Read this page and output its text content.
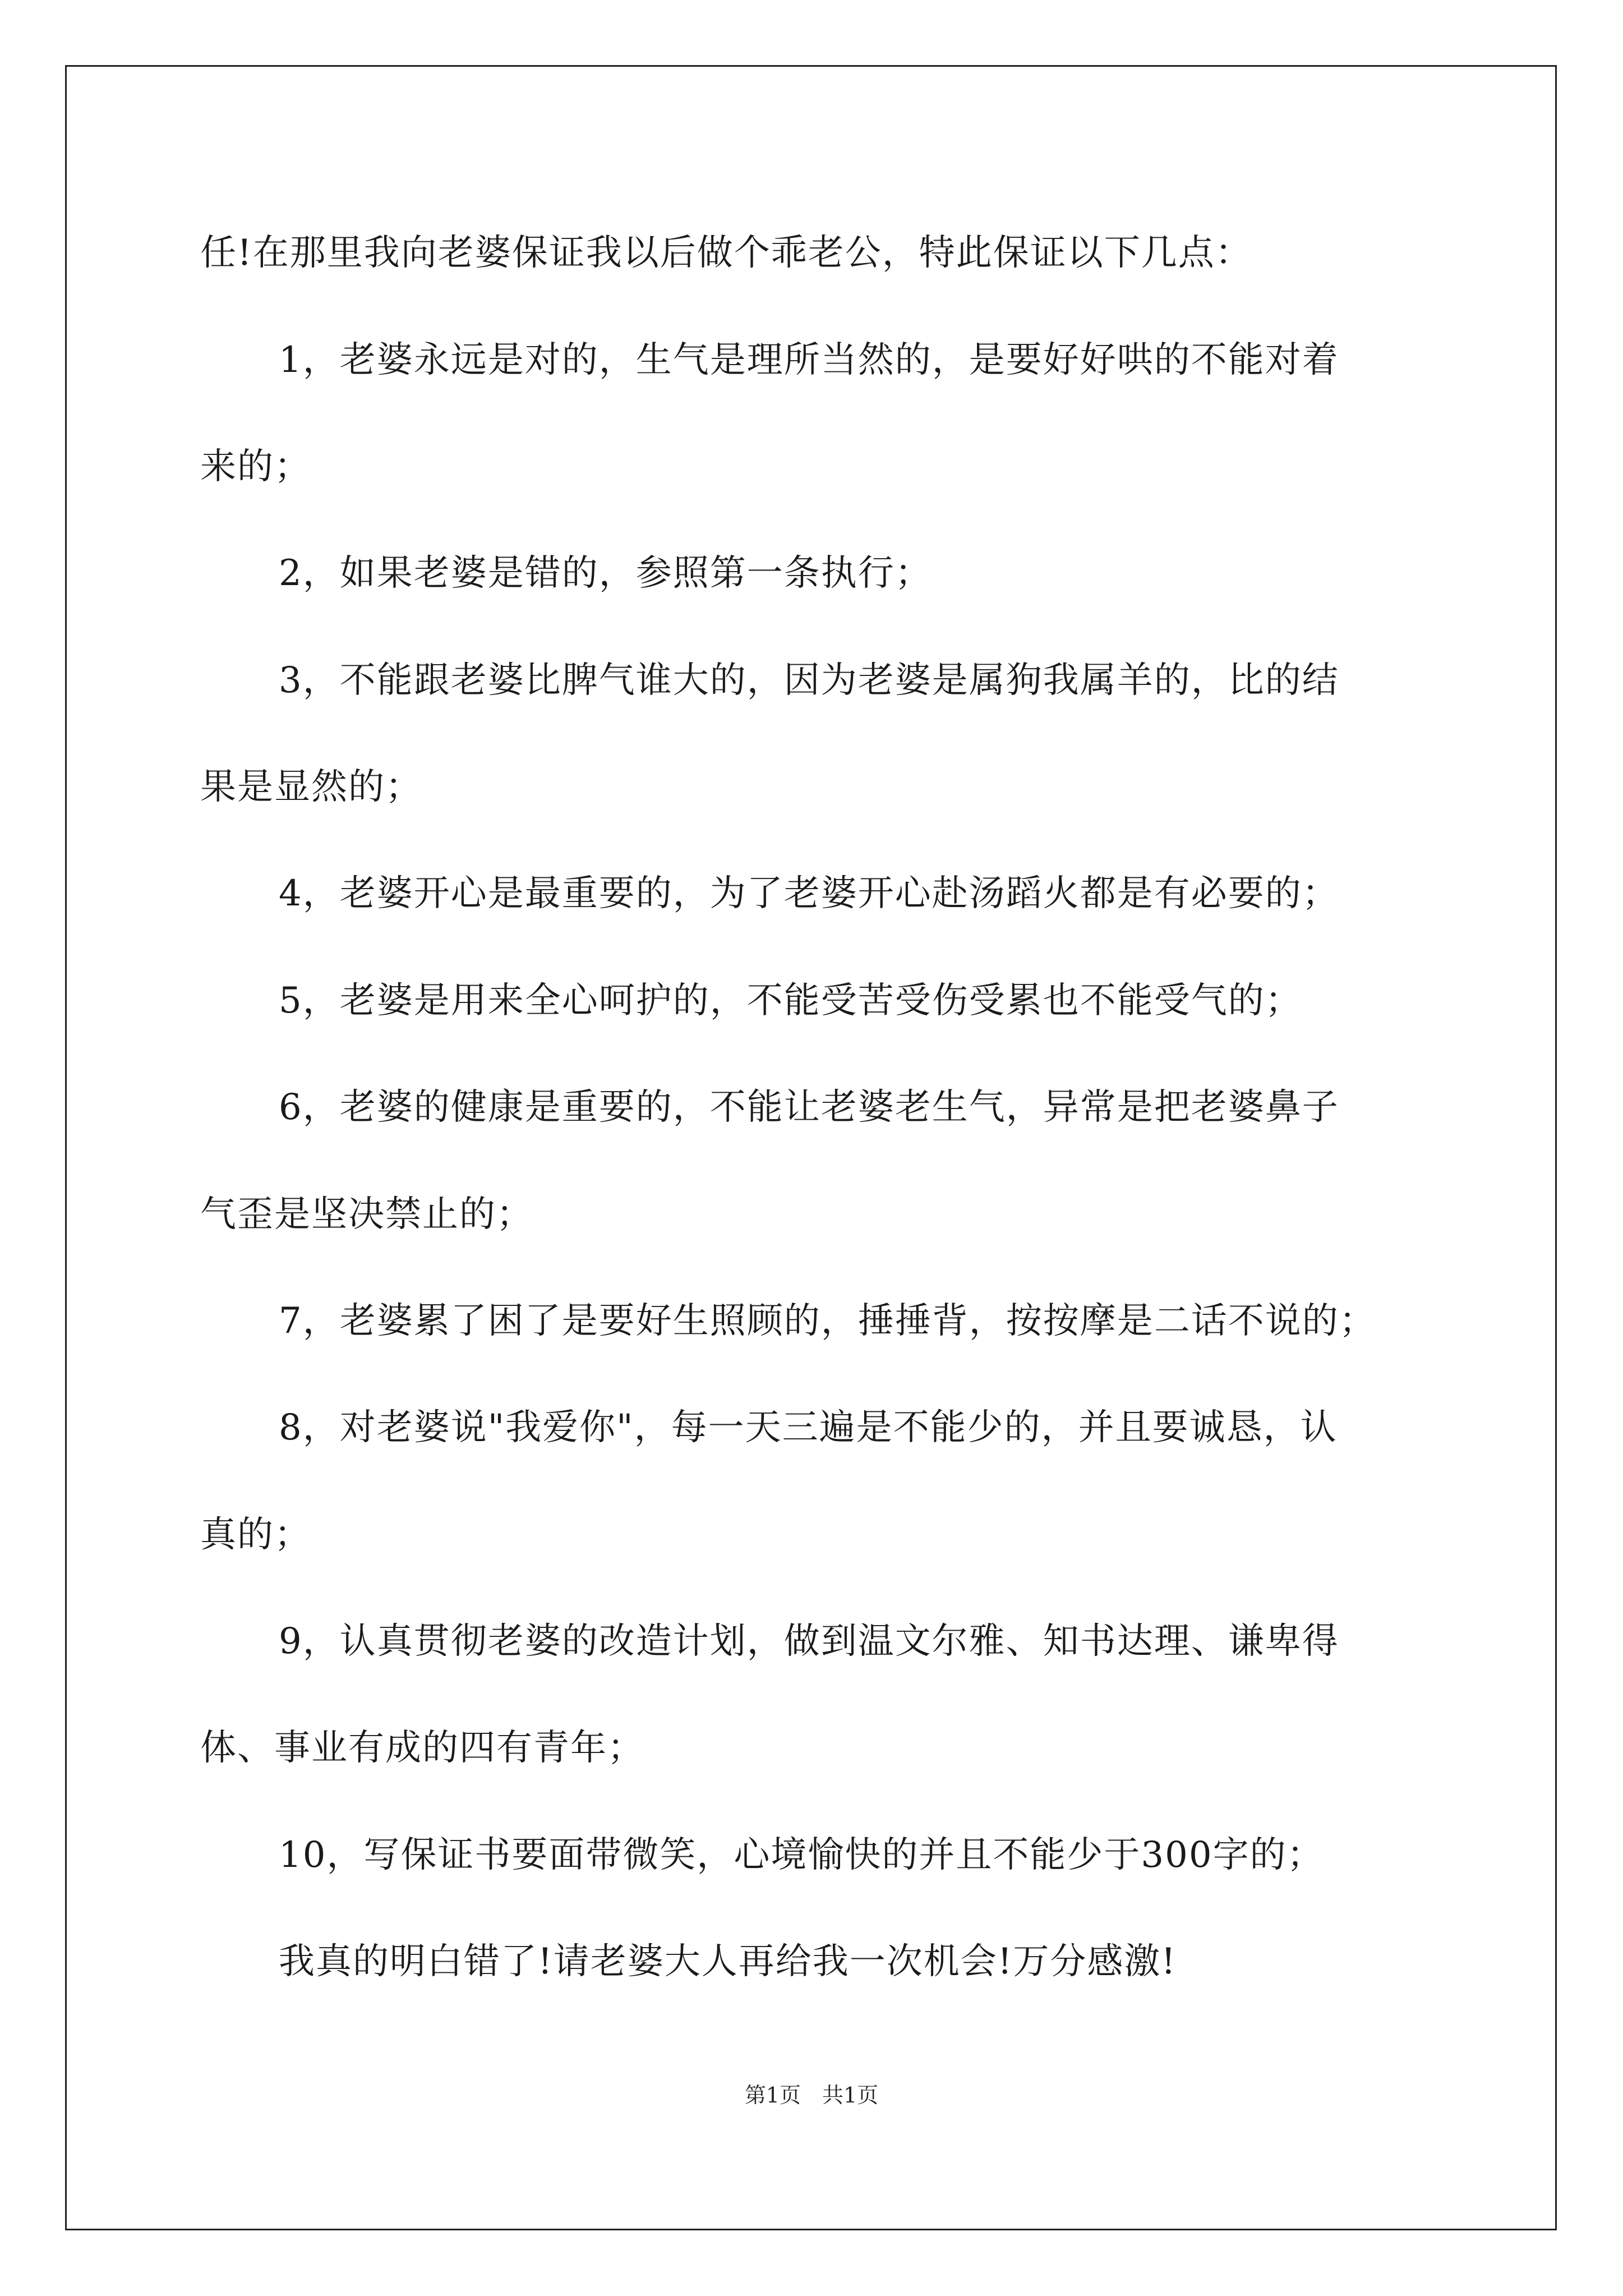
任!在那里我向老婆保证我以后做个乖老公，特此保证以下几点：
1，老婆永远是对的，生气是理所当然的，是要好好哄的不能对着
来的；
2，如果老婆是错的，参照第一条执行；
3，不能跟老婆比脾气谁大的，因为老婆是属狗我属羊的，比的结
果是显然的；
4，老婆开心是最重要的，为了老婆开心赴汤蹈火都是有必要的；
5，老婆是用来全心呵护的，不能受苦受伤受累也不能受气的；
6，老婆的健康是重要的，不能让老婆老生气，异常是把老婆鼻子
气歪是坚决禁止的；
7，老婆累了困了是要好生照顾的，捶捶背，按按摩是二话不说的；
8，对老婆说"我爱你"，每一天三遍是不能少的，并且要诚恳，认
真的；
9，认真贯彻老婆的改造计划，做到温文尔雅、知书达理、谦卑得
体、事业有成的四有青年；
10，写保证书要面带微笑，心境愉快的并且不能少于300字的；
我真的明白错了!请老婆大人再给我一次机会!万分感激!
第1页　共1页
